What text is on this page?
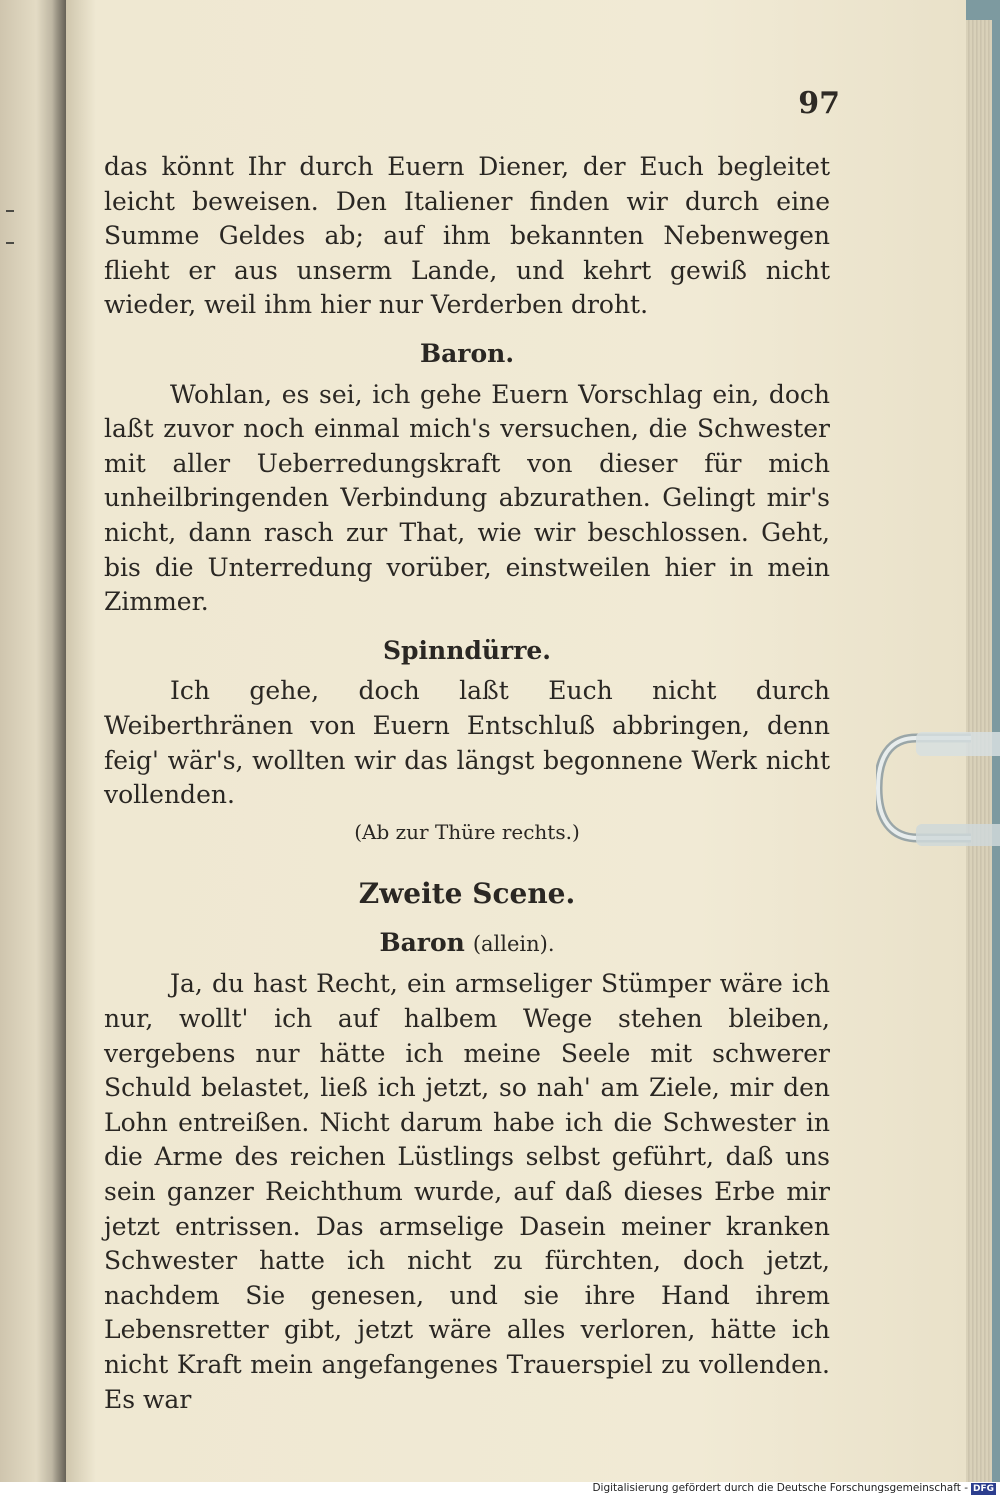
97

das könnt Ihr durch Euern Diener, der Euch begleitet leicht beweisen. Den Italiener finden wir durch eine Summe Geldes ab; auf ihm bekannten Nebenwegen flieht er aus unserm Lande, und kehrt gewiß nicht wieder, weil ihm hier nur Verderben droht.

Baron.

Wohlan, es sei, ich gehe Euern Vorschlag ein, doch laßt zuvor noch einmal mich's versuchen, die Schwester mit aller Ueberredungskraft von dieser für mich unheilbringenden Verbindung abzurathen. Gelingt mir's nicht, dann rasch zur That, wie wir beschlossen. Geht, bis die Unterredung vorüber, einstweilen hier in mein Zimmer.

Spinndürre.

Ich gehe, doch laßt Euch nicht durch Weiberthränen von Euern Entschluß abbringen, denn feig' wär's, wollten wir das längst begonnene Werk nicht vollenden.

(Ab zur Thüre rechts.)
Zweite Scene.
Baron (allein).

Ja, du hast Recht, ein armseliger Stümper wäre ich nur, wollt' ich auf halbem Wege stehen bleiben, vergebens nur hätte ich meine Seele mit schwerer Schuld belastet, ließ ich jetzt, so nah' am Ziele, mir den Lohn entreißen. Nicht darum habe ich die Schwester in die Arme des reichen Lüstlings selbst geführt, daß uns sein ganzer Reichthum wurde, auf daß dieses Erbe mir jetzt entrissen. Das armselige Dasein meiner kranken Schwester hatte ich nicht zu fürchten, doch jetzt, nachdem Sie genesen, und sie ihre Hand ihrem Lebensretter gibt, jetzt wäre alles verloren, hätte ich nicht Kraft mein angefangenes Trauerspiel zu vollenden. Es war

Digitalisierung gefördert durch die Deutsche Forschungsgemeinschaft - DFG
